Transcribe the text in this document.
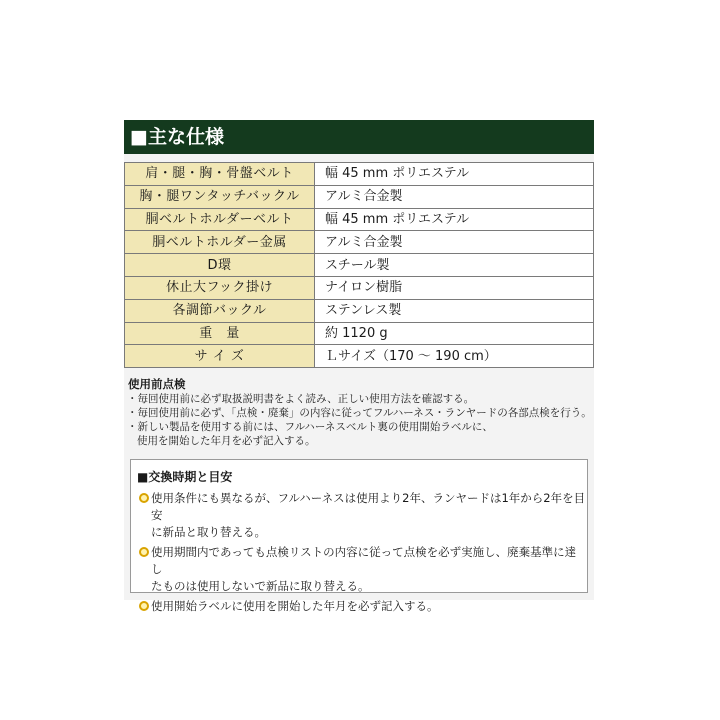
■主な仕様
肩・腿・胸・骨盤ベルト	幅 45 mm ポリエステル
胸・腿ワンタッチバックル	アルミ合金製
胴ベルトホルダーベルト	幅 45 mm ポリエステル
胴ベルトホルダー金属	アルミ合金製
D環	スチール製
休止大フック掛け	ナイロン樹脂
各調節バックル	ステンレス製
重　量	約 1120 g
サ イ ズ	Ｌサイズ（170 〜 190 cm）
使用前点検
・毎回使用前に必ず取扱説明書をよく読み、正しい使用方法を確認する。
・毎回使用前に必ず、「点検・廃棄」の内容に従ってフルハーネス・ランヤードの各部点検を行う。
・新しい製品を使用する前には、フルハーネスベルト裏の使用開始ラベルに、
使用を開始した年月を必ず記入する。
■交換時期と目安
使用条件にも異なるが、フルハーネスは使用より2年、ランヤードは1年から2年を目安
に新品と取り替える。
使用期間内であっても点検リストの内容に従って点検を必ず実施し、廃棄基準に達し
たものは使用しないで新品に取り替える。
使用開始ラベルに使用を開始した年月を必ず記入する。
